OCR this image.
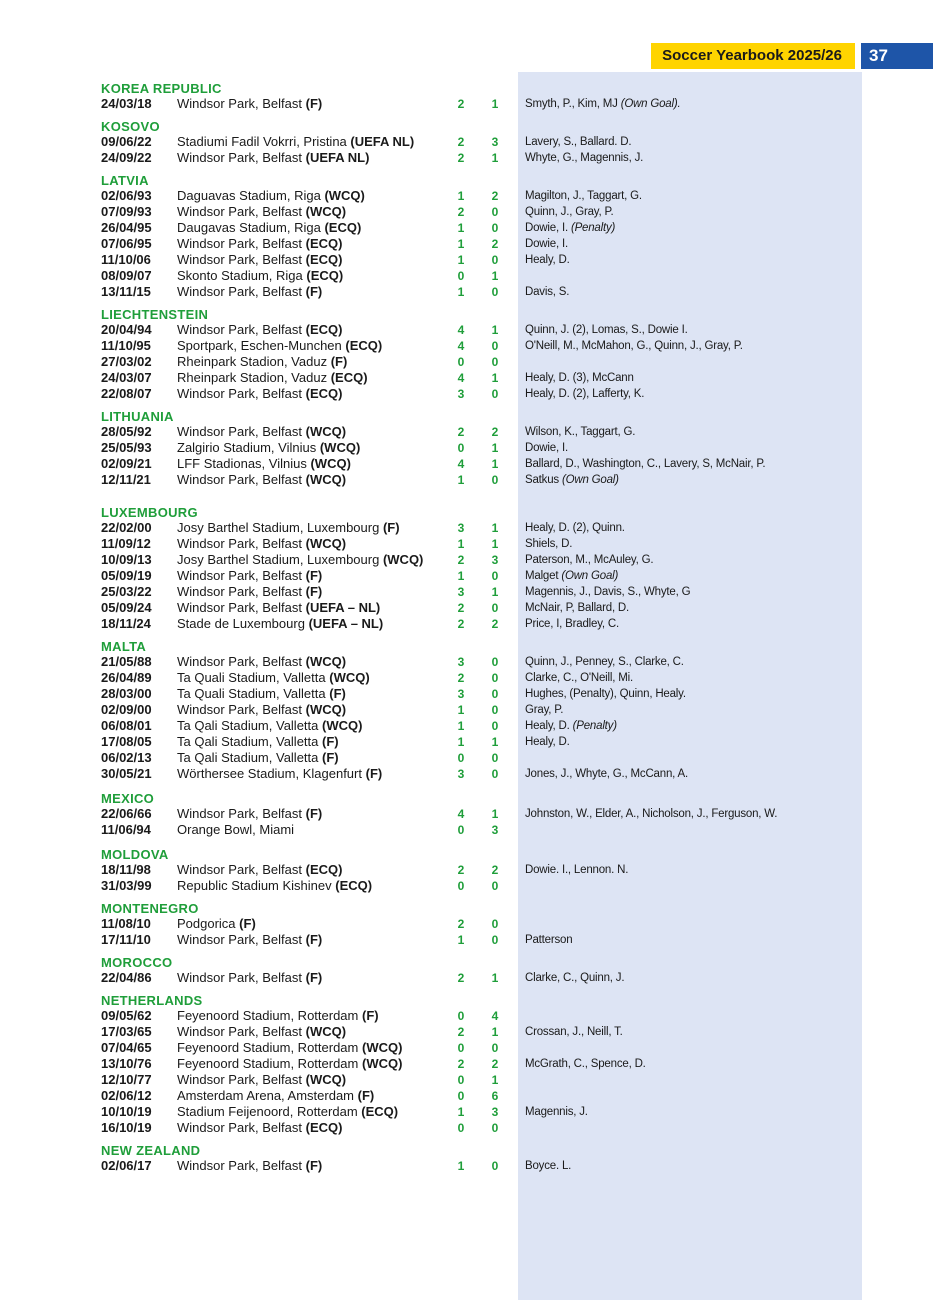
Soccer Yearbook 2025/26	37
KOREA REPUBLIC
24/03/18 Windsor Park, Belfast (F)	2	1	Smyth, P., Kim, MJ (Own Goal).
KOSOVO
09/06/22 Stadiumi Fadil Vokrri, Pristina (UEFA NL)	2	3	Lavery, S., Ballard. D.
24/09/22 Windsor Park, Belfast (UEFA NL)	2	1	Whyte, G., Magennis, J.
LATVIA
02/06/93 Daguavas Stadium, Riga (WCQ)	1	2	Magilton, J., Taggart, G.
07/09/93 Windsor Park, Belfast (WCQ)	2	0	Quinn, J., Gray, P.
26/04/95 Daugavas Stadium, Riga (ECQ)	1	0	Dowie, I. (Penalty)
07/06/95 Windsor Park, Belfast (ECQ)	1	2	Dowie, I.
11/10/06 Windsor Park, Belfast (ECQ)	1	0	Healy, D.
08/09/07 Skonto Stadium, Riga (ECQ)	0	1
13/11/15 Windsor Park, Belfast (F)	1	0	Davis, S.
LIECHTENSTEIN
20/04/94 Windsor Park, Belfast (ECQ)	4	1	Quinn, J. (2), Lomas, S., Dowie I.
11/10/95 Sportpark, Eschen-Munchen (ECQ)	4	0	O'Neill, M., McMahon, G., Quinn, J., Gray, P.
27/03/02 Rheinpark Stadion, Vaduz (F)	0	0
24/03/07 Rheinpark Stadion, Vaduz (ECQ)	4	1	Healy, D. (3), McCann
22/08/07 Windsor Park, Belfast (ECQ)	3	0	Healy, D. (2), Lafferty, K.
LITHUANIA
28/05/92 Windsor Park, Belfast (WCQ)	2	2	Wilson, K., Taggart, G.
25/05/93 Zalgirio Stadium, Vilnius (WCQ)	0	1	Dowie, I.
02/09/21 LFF Stadionas, Vilnius (WCQ)	4	1	Ballard, D., Washington, C., Lavery, S, McNair, P.
12/11/21 Windsor Park, Belfast (WCQ)	1	0	Satkus (Own Goal)
LUXEMBOURG
22/02/00 Josy Barthel Stadium, Luxembourg (F)	3	1	Healy, D. (2), Quinn.
11/09/12 Windsor Park, Belfast (WCQ)	1	1	Shiels, D.
10/09/13 Josy Barthel Stadium, Luxembourg (WCQ)	2	3	Paterson, M., McAuley, G.
05/09/19 Windsor Park, Belfast (F)	1	0	Malget (Own Goal)
25/03/22 Windsor Park, Belfast (F)	3	1	Magennis, J., Davis, S., Whyte, G
05/09/24 Windsor Park, Belfast (UEFA – NL)	2	0	McNair, P, Ballard, D.
18/11/24 Stade de Luxembourg (UEFA – NL)	2	2	Price, I, Bradley, C.
MALTA
21/05/88 Windsor Park, Belfast (WCQ)	3	0	Quinn, J., Penney, S., Clarke, C.
26/04/89 Ta Quali Stadium, Valletta (WCQ)	2	0	Clarke, C., O'Neill, Mi.
28/03/00 Ta Quali Stadium, Valletta (F)	3	0	Hughes, (Penalty), Quinn, Healy.
02/09/00 Windsor Park, Belfast (WCQ)	1	0	Gray, P.
06/08/01 Ta Qali Stadium, Valletta (WCQ)	1	0	Healy, D. (Penalty)
17/08/05 Ta Qali Stadium, Valletta (F)	1	1	Healy, D.
06/02/13 Ta Qali Stadium, Valletta (F)	0	0
30/05/21 Wörthersee Stadium, Klagenfurt (F)	3	0	Jones, J., Whyte, G., McCann, A.
MEXICO
22/06/66 Windsor Park, Belfast (F)	4	1	Johnston, W., Elder, A., Nicholson, J., Ferguson, W.
11/06/94 Orange Bowl, Miami	0	3
MOLDOVA
18/11/98 Windsor Park, Belfast (ECQ)	2	2	Dowie. I., Lennon. N.
31/03/99 Republic Stadium Kishinev (ECQ)	0	0
MONTENEGRO
11/08/10 Podgorica (F)	2	0
17/11/10 Windsor Park, Belfast (F)	1	0	Patterson
MOROCCO
22/04/86 Windsor Park, Belfast (F)	2	1	Clarke, C., Quinn, J.
NETHERLANDS
09/05/62 Feyenoord Stadium, Rotterdam (F)	0	4
17/03/65 Windsor Park, Belfast (WCQ)	2	1	Crossan, J., Neill, T.
07/04/65 Feyenoord Stadium, Rotterdam (WCQ)	0	0
13/10/76 Feyenoord Stadium, Rotterdam (WCQ)	2	2	McGrath, C., Spence, D.
12/10/77 Windsor Park, Belfast (WCQ)	0	1
02/06/12 Amsterdam Arena, Amsterdam (F)	0	6
10/10/19 Stadium Feijenoord, Rotterdam (ECQ)	1	3	Magennis, J.
16/10/19 Windsor Park, Belfast (ECQ)	0	0
NEW ZEALAND
02/06/17 Windsor Park, Belfast (F)	1	0	Boyce. L.
